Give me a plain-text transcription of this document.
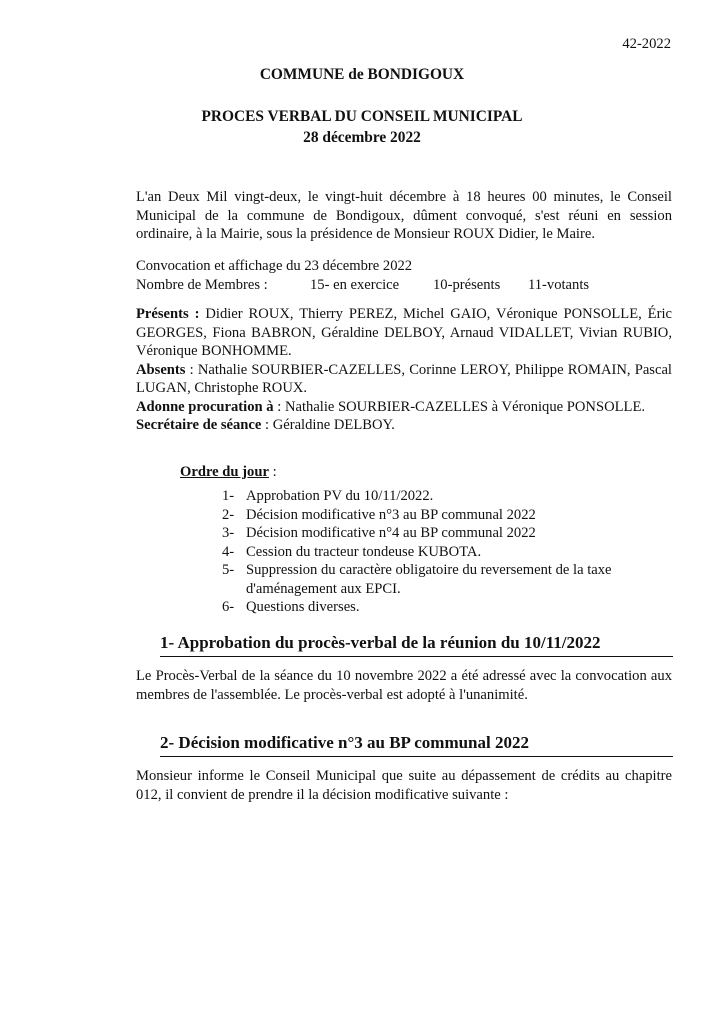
42-2022
COMMUNE de BONDIGOUX
PROCES VERBAL DU CONSEIL MUNICIPAL
28 décembre 2022
L'an Deux Mil vingt-deux, le vingt-huit décembre à 18 heures 00 minutes, le Conseil Municipal de la commune de Bondigoux, dûment convoqué, s'est réuni en session ordinaire, à la Mairie, sous la présidence de Monsieur ROUX Didier, le Maire.
Convocation et affichage du 23 décembre 2022
Nombre de Membres :	15- en exercice 10-présents 11-votants

Présents : Didier ROUX, Thierry PEREZ, Michel GAIO, Véronique PONSOLLE, Éric GEORGES, Fiona BABRON, Géraldine DELBOY, Arnaud VIDALLET, Vivian RUBIO, Véronique BONHOMME.

Absents : Nathalie SOURBIER-CAZELLES, Corinne LEROY, Philippe ROMAIN, Pascal LUGAN, Christophe ROUX.

Adonne procuration à : Nathalie SOURBIER-CAZELLES à Véronique PONSOLLE.

Secrétaire de séance : Géraldine DELBOY.

Ordre du jour :
1- Approbation PV du 10/11/2022.
2- Décision modificative n°3 au BP communal 2022
3- Décision modificative n°4 au BP communal 2022
4- Cession du tracteur tondeuse KUBOTA.
5- Suppression du caractère obligatoire du reversement de la taxe d'aménagement aux EPCI.
6- Questions diverses.
1- Approbation du procès-verbal de la réunion du 10/11/2022
Le Procès-Verbal de la séance du 10 novembre 2022 a été adressé avec la convocation aux membres de l'assemblée. Le procès-verbal est adopté à l'unanimité.
2- Décision modificative n°3 au BP communal 2022
Monsieur informe le Conseil Municipal que suite au dépassement de crédits au chapitre 012, il convient de prendre il la décision modificative suivante :
